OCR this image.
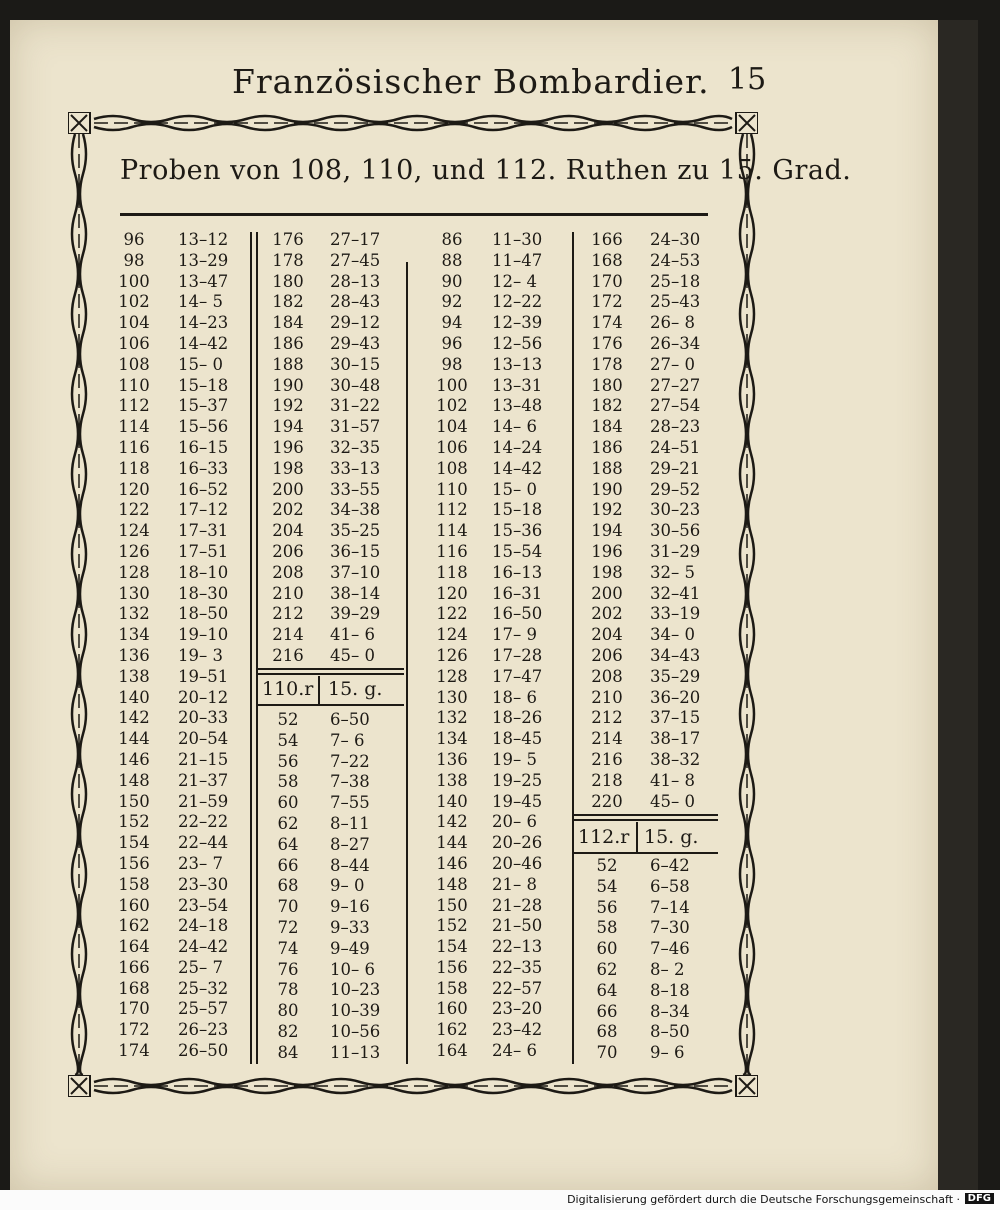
Französischer Bombardier. 15
Proben von 108, 110, und 112. Ruthen zu 15. Grad.
96
98
100
102
104
106
108
110
112
114
116
118
120
122
124
126
128
130
132
134
136
138
140
142
144
146
148
150
152
154
156
158
160
162
164
166
168
170
172
174
13–12
13–29
13–47
14– 5
14–23
14–42
15– 0
15–18
15–37
15–56
16–15
16–33
16–52
17–12
17–31
17–51
18–10
18–30
18–50
19–10
19– 3
19–51
20–12
20–33
20–54
21–15
21–37
21–59
22–22
22–44
23– 7
23–30
23–54
24–18
24–42
25– 7
25–32
25–57
26–23
26–50
176
178
180
182
184
186
188
190
192
194
196
198
200
202
204
206
208
210
212
214
216
27–17
27–45
28–13
28–43
29–12
29–43
30–15
30–48
31–22
31–57
32–35
33–13
33–55
34–38
35–25
36–15
37–10
38–14
39–29
41– 6
45– 0
110.r 15. g.
52
54
56
58
60
62
64
66
68
70
72
74
76
78
80
82
84
6–50
7– 6
7–22
7–38
7–55
8–11
8–27
8–44
9– 0
9–16
9–33
9–49
10– 6
10–23
10–39
10–56
11–13
86
88
90
92
94
96
98
100
102
104
106
108
110
112
114
116
118
120
122
124
126
128
130
132
134
136
138
140
142
144
146
148
150
152
154
156
158
160
162
164
11–30
11–47
12– 4
12–22
12–39
12–56
13–13
13–31
13–48
14– 6
14–24
14–42
15– 0
15–18
15–36
15–54
16–13
16–31
16–50
17– 9
17–28
17–47
18– 6
18–26
18–45
19– 5
19–25
19–45
20– 6
20–26
20–46
21– 8
21–28
21–50
22–13
22–35
22–57
23–20
23–42
24– 6
166
168
170
172
174
176
178
180
182
184
186
188
190
192
194
196
198
200
202
204
206
208
210
212
214
216
218
220
24–30
24–53
25–18
25–43
26– 8
26–34
27– 0
27–27
27–54
28–23
24–51
29–21
29–52
30–23
30–56
31–29
32– 5
32–41
33–19
34– 0
34–43
35–29
36–20
37–15
38–17
38–32
41– 8
45– 0
112.r 15. g.
52
54
56
58
60
62
64
66
68
70
6–42
6–58
7–14
7–30
7–46
8– 2
8–18
8–34
8–50
9– 6
Digitalisierung gefördert durch die Deutsche Forschungsgemeinschaft · DFG
